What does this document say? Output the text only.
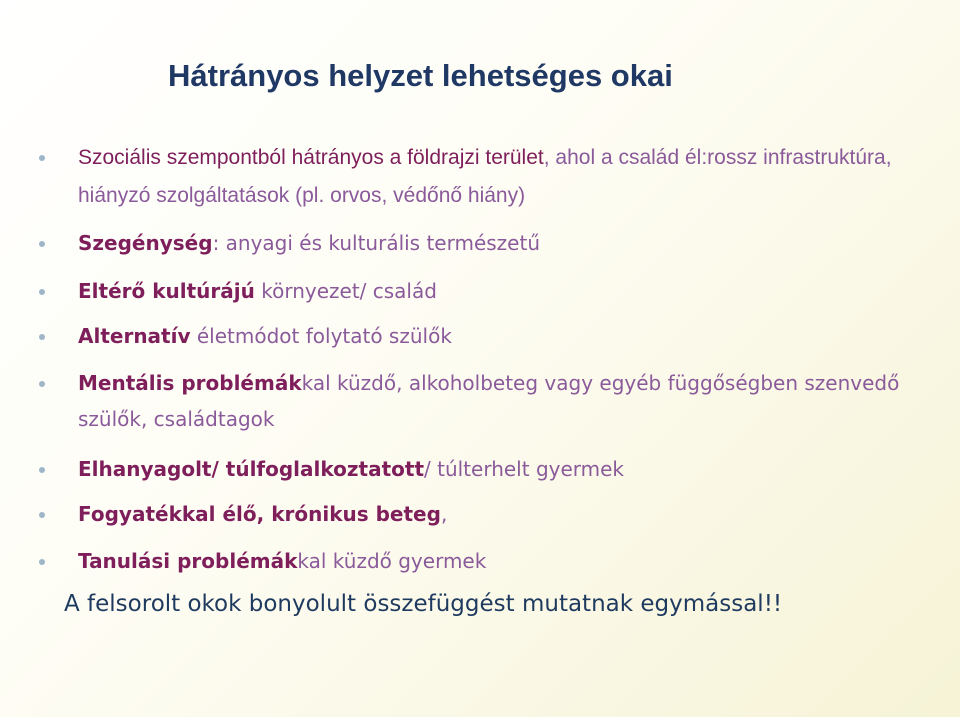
Hátrányos helyzet lehetséges okai
Szociális szempontból hátrányos a földrajzi terület, ahol a család él:rossz infrastruktúra, hiányzó szolgáltatások (pl. orvos, védőnő hiány)
Szegénység: anyagi és kulturális természetű
Eltérő kultúrájú környezet/ család
Alternatív életmódot folytató szülők
Mentális problémákkal küzdő, alkoholbeteg vagy egyéb függőségben szenvedő szülők, családtagok
Elhanyagolt/ túlfoglalkoztatott/ túlterhelt gyermek
Fogyatékkal élő, krónikus beteg,
Tanulási problémákkal küzdő gyermek
A felsorolt okok bonyolult összefüggést mutatnak egymással!!
